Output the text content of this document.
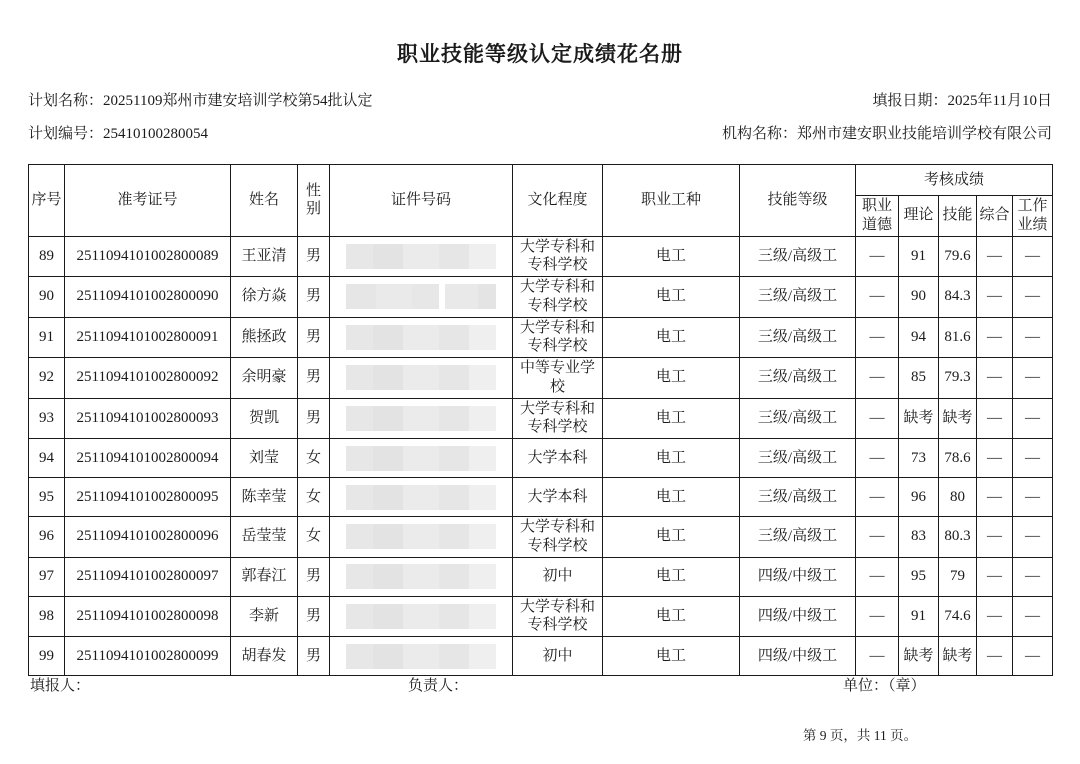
职业技能等级认定成绩花名册
计划名称：20251109郑州市建安培训学校第54批认定	填报日期：2025年11月10日
计划编号：25410100280054	机构名称：郑州市建安职业技能培训学校有限公司
序号	准考证号	姓名	性别	证件号码	文化程度	职业工种	技能等级	考核成绩				
								职业道德	理论	技能	综合	工作业绩
89	2511094101002800089	王亚清	男		大学专科和专科学校	电工	三级/高级工	—	91	79.6	—	—
90	2511094101002800090	徐方焱	男		大学专科和专科学校	电工	三级/高级工	—	90	84.3	—	—
91	2511094101002800091	熊拯政	男		大学专科和专科学校	电工	三级/高级工	—	94	81.6	—	—
92	2511094101002800092	余明豪	男		中等专业学校	电工	三级/高级工	—	85	79.3	—	—
93	2511094101002800093	贺凯	男		大学专科和专科学校	电工	三级/高级工	—	缺考	缺考	—	—
94	2511094101002800094	刘莹	女		大学本科	电工	三级/高级工	—	73	78.6	—	—
95	2511094101002800095	陈幸莹	女		大学本科	电工	三级/高级工	—	96	80	—	—
96	2511094101002800096	岳莹莹	女		大学专科和专科学校	电工	三级/高级工	—	83	80.3	—	—
97	2511094101002800097	郭春江	男		初中	电工	四级/中级工	—	95	79	—	—
98	2511094101002800098	李新	男		大学专科和专科学校	电工	四级/中级工	—	91	74.6	—	—
99	2511094101002800099	胡春发	男		初中	电工	四级/中级工	—	缺考	缺考	—	—
填报人：	负责人：	单位：（章）
第 9 页，共 11 页。
